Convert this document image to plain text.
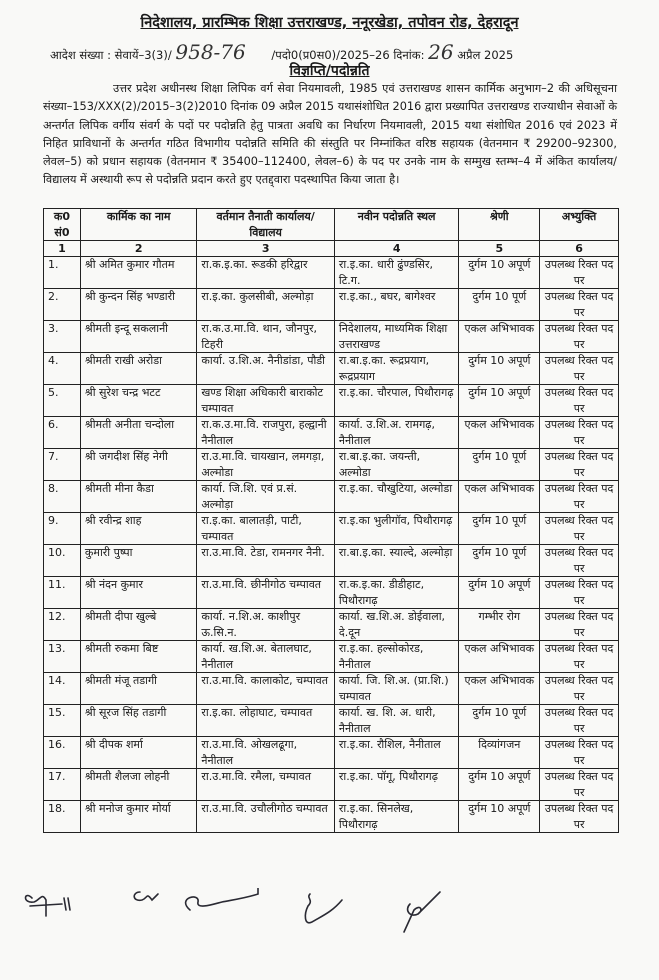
निदेशालय, प्रारम्भिक शिक्षा उत्तराखण्ड, ननूरखेडा, तपोवन रोड, देहरादून
आदेश संख्या : सेवायें–3(3)/ 958-76 /पदो0(प्र0स0)/2025–26 दिनांक: 26 अप्रैल 2025
विज्ञप्ति/पदोन्नति
उत्तर प्रदेश अधीनस्थ शिक्षा लिपिक वर्ग सेवा नियमावली, 1985 एवं उत्तराखण्ड शासन कार्मिक अनुभाग–2 की अधिसूचना संख्या–153/XXX(2)/2015–3(2)2010 दिनांक 09 अप्रैल 2015 यथासंशोधित 2016 द्वारा प्रख्यापित उत्तराखण्ड राज्याधीन सेवाओं के अन्तर्गत लिपिक वर्गीय संवर्ग के पदों पर पदोन्नति हेतु पात्रता अवधि का निर्धारण नियमावली, 2015 यथा संशोधित 2016 एवं 2023 में निहित प्राविधानों के अन्तर्गत गठित विभागीय पदोन्नति समिति की संस्तुति पर निम्नांकित वरिष्ठ सहायक (वेतनमान ₹ 29200–92300, लेवल–5) को प्रधान सहायक (वेतनमान ₹ 35400–112400, लेवल–6) के पद पर उनके नाम के सम्मुख स्तम्भ–4 में अंकित कार्यालय/विद्यालय में अस्थायी रूप से पदोन्नति प्रदान करते हुए एतद्द्वारा पदस्थापित किया जाता है।
क0 सं0	कार्मिक का नाम	वर्तमान तैनाती कार्यालय/ विद्यालय	नवीन पदोन्नति स्थल	श्रेणी	अभ्युक्ति
1	2	3	4	5	6
1.	श्री अमित कुमार गौतम	रा.क.इ.का. रूडकी हरिद्वार	रा.इ.का. धारी ढुंण्डसिर, टि.ग.	दुर्गम 10 अपूर्ण	उपलब्ध रिक्त पद पर
2.	श्री कुन्दन सिंह भण्डारी	रा.इ.का. कुलसीबी, अल्मोड़ा	रा.इ.का., बघर, बागेश्वर	दुर्गम 10 पूर्ण	उपलब्ध रिक्त पद पर
3.	श्रीमती इन्दू सकलानी	रा.क.उ.मा.वि. थान, जौनपुर, टिहरी	निदेशालय, माध्यमिक शिक्षा उत्तराखण्ड	एकल अभिभावक	उपलब्ध रिक्त पद पर
4.	श्रीमती राखी अरोडा	कार्या. उ.शि.अ. नैनीडांडा, पौडी	रा.बा.इ.का. रूद्रप्रयाग, रूद्रप्रयाग	दुर्गम 10 अपूर्ण	उपलब्ध रिक्त पद पर
5.	श्री सुरेश चन्द्र भटट	खण्ड शिक्षा अधिकारी बाराकोट चम्पावत	रा.इ.का. चौरपाल, पिथौरागढ़	दुर्गम 10 अपूर्ण	उपलब्ध रिक्त पद पर
6.	श्रीमती अनीता चन्दोला	रा.क.उ.मा.वि. राजपुरा, हल्द्वानी नैनीताल	कार्या. उ.शि.अ. रामगढ़, नैनीताल	एकल अभिभावक	उपलब्ध रिक्त पद पर
7.	श्री जगदीश सिंह नेगी	रा.उ.मा.वि. चायखान, लमगड़ा, अल्मोडा	रा.बा.इ.का. जयन्ती, अल्मोडा	दुर्गम 10 पूर्ण	उपलब्ध रिक्त पद पर
8.	श्रीमती मीना कैडा	कार्या. जि.शि. एवं प्र.सं. अल्मोड़ा	रा.इ.का. चौखुटिया, अल्मोडा	एकल अभिभावक	उपलब्ध रिक्त पद पर
9.	श्री रवीन्द्र शाह	रा.इ.का. बालातड़ी, पाटी, चम्पावत	रा.इ.का भुलीगॉव, पिथौरागढ़	दुर्गम 10 पूर्ण	उपलब्ध रिक्त पद पर
10.	कुमारी पुष्पा	रा.उ.मा.वि. टेडा, रामनगर नैनी.	रा.बा.इ.का. स्याल्दे, अल्मोड़ा	दुर्गम 10 पूर्ण	उपलब्ध रिक्त पद पर
11.	श्री नंदन कुमार	रा.उ.मा.वि. छीनीगोठ चम्पावत	रा.क.इ.का. डीडीहाट, पिथौरागढ़	दुर्गम 10 अपूर्ण	उपलब्ध रिक्त पद पर
12.	श्रीमती दीपा खुल्बे	कार्या. न.शि.अ. काशीपुर ऊ.सि.न.	कार्या. ख.शि.अ. डोईवाला, दे.दून	गम्भीर रोग	उपलब्ध रिक्त पद पर
13.	श्रीमती रुकमा बिष्ट	कार्या. ख.शि.अ. बेतालघाट, नैनीताल	रा.इ.का. हल्सोकोरड, नैनीताल	एकल अभिभावक	उपलब्ध रिक्त पद पर
14.	श्रीमती मंजू तडागी	रा.उ.मा.वि. कालाकोट, चम्पावत	कार्या. जि. शि.अ. (प्रा.शि.) चम्पावत	एकल अभिभावक	उपलब्ध रिक्त पद पर
15.	श्री सूरज सिंह तडागी	रा.इ.का. लोहाघाट, चम्पावत	कार्या. ख. शि. अ. धारी, नैनीताल	दुर्गम 10 पूर्ण	उपलब्ध रिक्त पद पर
16.	श्री दीपक शर्मा	रा.उ.मा.वि. ओखलढूगा, नैनीताल	रा.इ.का. रौशिल, नैनीताल	दिव्यांगजन	उपलब्ध रिक्त पद पर
17.	श्रीमती शैलजा लोहनी	रा.उ.मा.वि. रमैला, चम्पावत	रा.इ.का. पॉगू, पिथौरागढ़	दुर्गम 10 अपूर्ण	उपलब्ध रिक्त पद पर
18.	श्री मनोज कुमार मोर्या	रा.उ.मा.वि. उचौलीगोठ चम्पावत	रा.इ.का. सिनलेख, पिथौरागढ़	दुर्गम 10 अपूर्ण	उपलब्ध रिक्त पद पर
